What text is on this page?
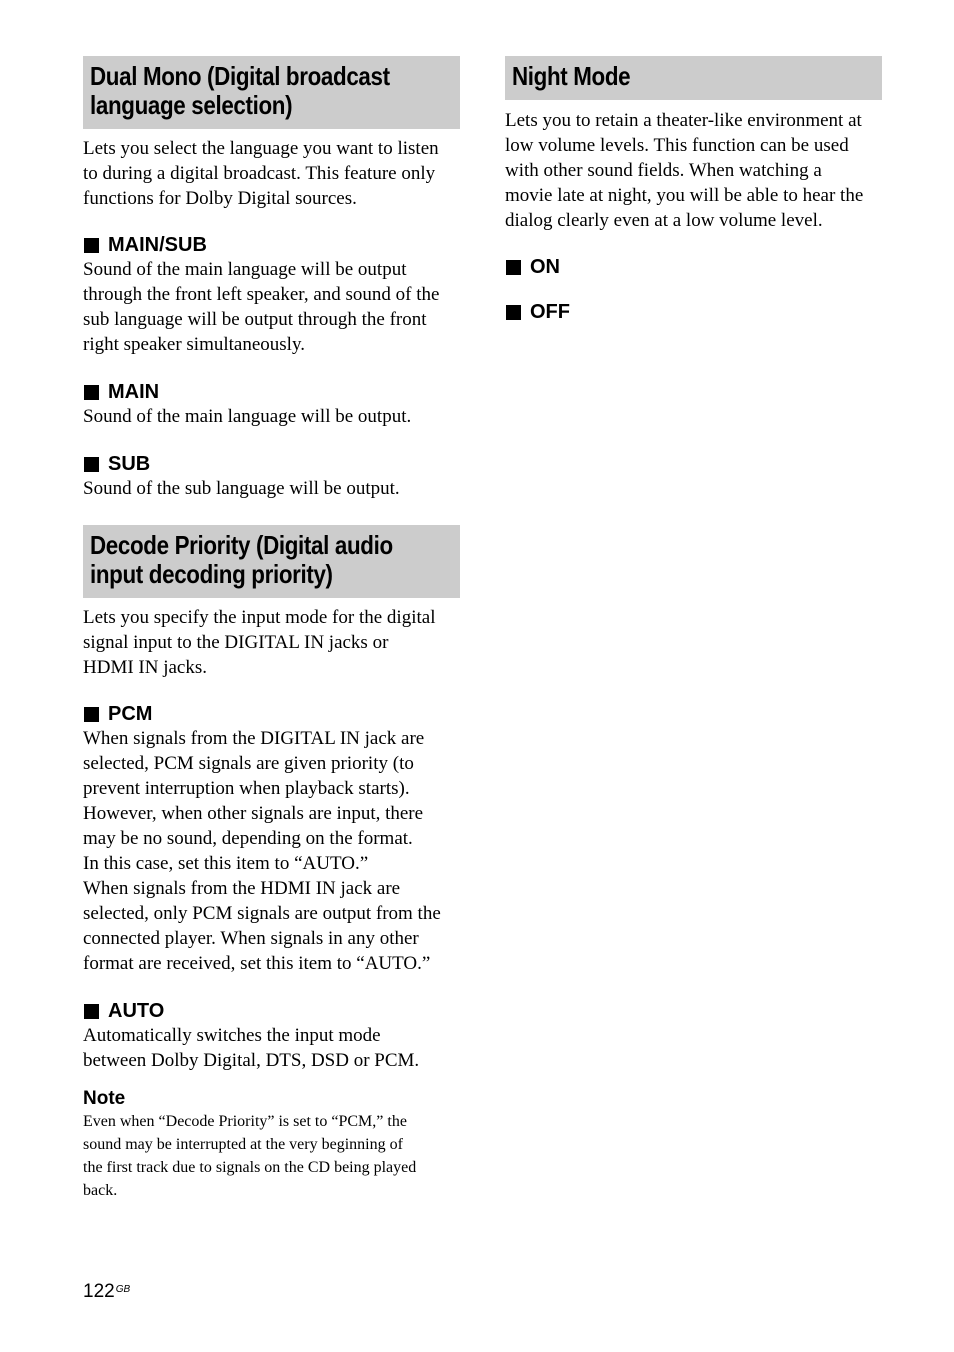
Dual Mono (Digital broadcast
language selection)

Lets you select the language you want to listen

to during a digital broadcast. This feature only

functions for Dolby Digital sources.

MAIN/SUB

Sound of the main language will be output

through the front left speaker, and sound of the

sub language will be output through the front

right speaker simultaneously.

MAIN

Sound of the main language will be output.

SUB

Sound of the sub language will be output.

Decode Priority (Digital audio
input decoding priority)

Lets you specify the input mode for the digital

signal input to the DIGITAL IN jacks or

HDMI IN jacks.

PCM

When signals from the DIGITAL IN jack are

selected, PCM signals are given priority (to

prevent interruption when playback starts).

However, when other signals are input, there

may be no sound, depending on the format.

In this case, set this item to “AUTO.”

When signals from the HDMI IN jack are

selected, only PCM signals are output from the

connected player. When signals in any other

format are received, set this item to “AUTO.”

AUTO

Automatically switches the input mode

between Dolby Digital, DTS, DSD or PCM.

Note

Even when “Decode Priority” is set to “PCM,” the

sound may be interrupted at the very beginning of

the first track due to signals on the CD being played

back.

Night Mode

Lets you to retain a theater-like environment at

low volume levels. This function can be used

with other sound fields. When watching a

movie late at night, you will be able to hear the

dialog clearly even at a low volume level.

ON
OFF
$122^{GB}$
